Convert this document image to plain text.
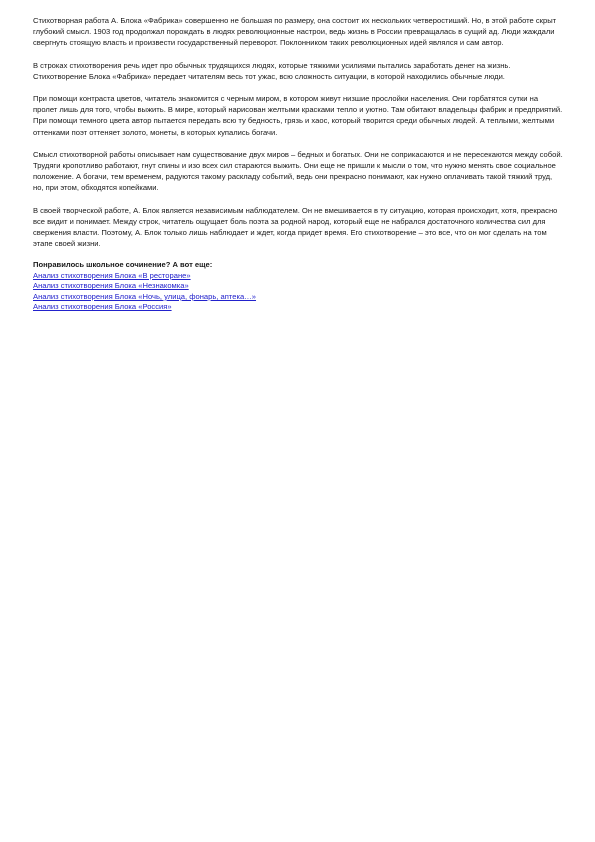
Стихотворная работа А. Блока «Фабрика» совершенно не большая по размеру, она состоит их нескольких четверостиший. Но, в этой работе скрыт глубокий смысл. 1903 год продолжал порождать в людях революционные настрои, ведь жизнь в России превращалась в сущий ад. Люди жаждали свергнуть стоящую власть и произвести государственный переворот. Поклонником таких революционных идей являлся и сам автор.

В строках стихотворения речь идет про обычных трудящихся людях, которые тяжкими усилиями пытались заработать денег на жизнь. Стихотворение Блока «Фабрика» передает читателям весь тот ужас, всю сложность ситуации, в которой находились обычные люди.

При помощи контраста цветов, читатель знакомится с черным миром, в котором живут низшие прослойки населения. Они горбатятся сутки на пролет лишь для того, чтобы выжить. В мире, который нарисован желтыми красками тепло и уютно. Там обитают владельцы фабрик и предприятий. При помощи темного цвета автор пытается передать всю ту бедность, грязь и хаос, который творится среди обычных людей. А теплыми, желтыми оттенками поэт оттеняет золото, монеты, в которых купались богачи.

Смысл стихотворной работы описывает нам существование двух миров – бедных и богатых. Они не соприкасаются и не пересекаются между собой. Трудяги кропотливо работают, гнут спины и изо всех сил стараются выжить. Они еще не пришли к мысли о том, что нужно менять свое социальное положение. А богачи, тем временем, радуются такому раскладу событий, ведь они прекрасно понимают, как нужно оплачивать такой тяжкий труд, но, при этом, обходятся копейками.

В своей творческой работе, А. Блок является независимым наблюдателем. Он не вмешивается в ту ситуацию, которая происходит, хотя, прекрасно все видит и понимает. Между строк, читатель ощущает боль поэта за родной народ, который еще не набрался достаточного количества сил для свержения власти. Поэтому, А. Блок только лишь наблюдает и ждет, когда придет время. Его стихотворение – это все, что он мог сделать на том этапе своей жизни.

Понравилось школьное сочинение? А вот еще:
Анализ стихотворения Блока «В ресторане»
Анализ стихотворения Блока «Незнакомка»
Анализ стихотворения Блока «Ночь, улица, фонарь, аптека…»
Анализ стихотворения Блока «Россия»
